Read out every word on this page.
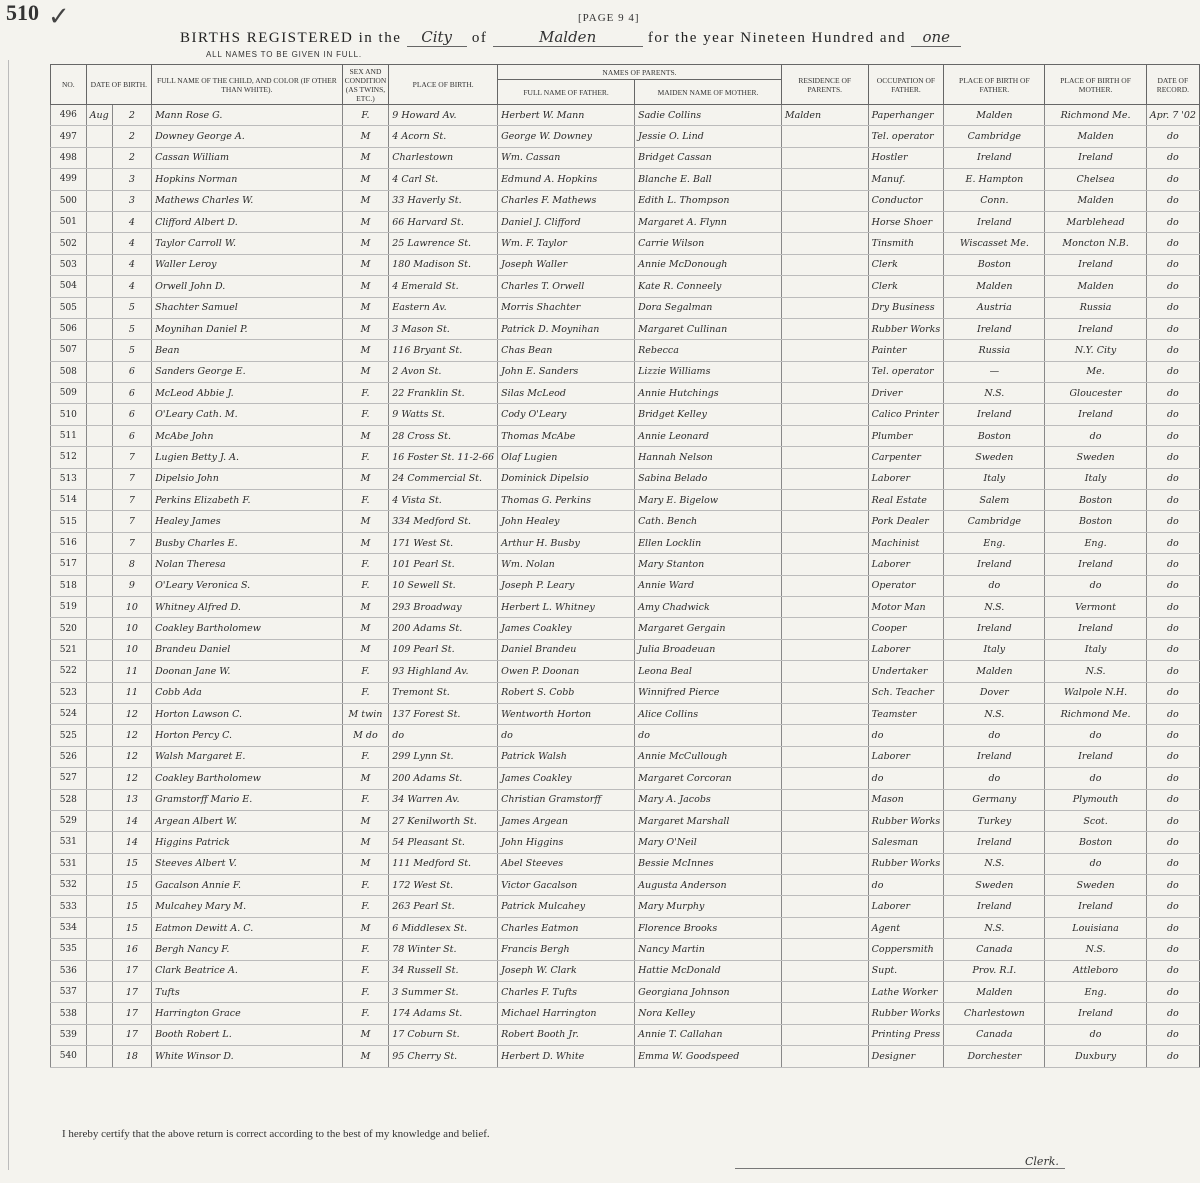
510 ✓	[PAGE 9 4]
BIRTHS REGISTERED in the City of	Malden	for the year Nineteen Hundred and one
ALL NAMES TO BE GIVEN IN FULL.
NO.	DATE OF BIRTH.		FULL NAME OF THE CHILD, AND COLOR (IF OTHER THAN WHITE).	SEX AND CONDITION (AS TWINS, ETC.)	PLACE OF BIRTH.	NAMES OF PARENTS.		RESIDENCE OF PARENTS.	OCCUPATION OF FATHER.	PLACE OF BIRTH OF FATHER.	PLACE OF BIRTH OF MOTHER.	DATE OF RECORD.
						FULL NAME OF FATHER.	MAIDEN NAME OF MOTHER.					
496	Aug	2	Mann Rose G.	F.	9 Howard Av.	Herbert W. Mann	Sadie Collins	Malden	Paperhanger	Malden	Richmond Me.	Apr. 7 '02
497		2	Downey George A.	M	4 Acorn St.	George W. Downey	Jessie O. Lind		Tel. operator	Cambridge	Malden	do
498		2	Cassan William	M	Charlestown	Wm. Cassan	Bridget Cassan		Hostler	Ireland	Ireland	do
499		3	Hopkins Norman	M	4 Carl St.	Edmund A. Hopkins	Blanche E. Ball		Manuf.	E. Hampton	Chelsea	do
500		3	Mathews Charles W.	M	33 Haverly St.	Charles F. Mathews	Edith L. Thompson		Conductor	Conn.	Malden	do
501		4	Clifford Albert D.	M	66 Harvard St.	Daniel J. Clifford	Margaret A. Flynn		Horse Shoer	Ireland	Marblehead	do
502		4	Taylor Carroll W.	M	25 Lawrence St.	Wm. F. Taylor	Carrie Wilson		Tinsmith	Wiscasset Me.	Moncton N.B.	do
503		4	Waller Leroy	M	180 Madison St.	Joseph Waller	Annie McDonough		Clerk	Boston	Ireland	do
504		4	Orwell John D.	M	4 Emerald St.	Charles T. Orwell	Kate R. Conneely		Clerk	Malden	Malden	do
505		5	Shachter Samuel	M	Eastern Av.	Morris Shachter	Dora Segalman		Dry Business	Austria	Russia	do
506		5	Moynihan Daniel P.	M	3 Mason St.	Patrick D. Moynihan	Margaret Cullinan		Rubber Works	Ireland	Ireland	do
507		5	Bean	M	116 Bryant St.	Chas Bean	Rebecca		Painter	Russia	N.Y. City	do
508		6	Sanders George E.	M	2 Avon St.	John E. Sanders	Lizzie Williams		Tel. operator	—	Me.	do
509		6	McLeod Abbie J.	F.	22 Franklin St.	Silas McLeod	Annie Hutchings		Driver	N.S.	Gloucester	do
510		6	O'Leary Cath. M.	F.	9 Watts St.	Cody O'Leary	Bridget Kelley		Calico Printer	Ireland	Ireland	do
511		6	McAbe John	M	28 Cross St.	Thomas McAbe	Annie Leonard		Plumber	Boston	do	do
512		7	Lugien Betty J. A.	F.	16 Foster St. 11-2-66	Olaf Lugien	Hannah Nelson		Carpenter	Sweden	Sweden	do
513		7	Dipelsio John	M	24 Commercial St.	Dominick Dipelsio	Sabina Belado		Laborer	Italy	Italy	do
514		7	Perkins Elizabeth F.	F.	4 Vista St.	Thomas G. Perkins	Mary E. Bigelow		Real Estate	Salem	Boston	do
515		7	Healey James	M	334 Medford St.	John Healey	Cath. Bench		Pork Dealer	Cambridge	Boston	do
516		7	Busby Charles E.	M	171 West St.	Arthur H. Busby	Ellen Locklin		Machinist	Eng.	Eng.	do
517		8	Nolan Theresa	F.	101 Pearl St.	Wm. Nolan	Mary Stanton		Laborer	Ireland	Ireland	do
518		9	O'Leary Veronica S.	F.	10 Sewell St.	Joseph P. Leary	Annie Ward		Operator	do	do	do
519		10	Whitney Alfred D.	M	293 Broadway	Herbert L. Whitney	Amy Chadwick		Motor Man	N.S.	Vermont	do
520		10	Coakley Bartholomew	M	200 Adams St.	James Coakley	Margaret Gergain		Cooper	Ireland	Ireland	do
521		10	Brandeu Daniel	M	109 Pearl St.	Daniel Brandeu	Julia Broadeuan		Laborer	Italy	Italy	do
522		11	Doonan Jane W.	F.	93 Highland Av.	Owen P. Doonan	Leona Beal		Undertaker	Malden	N.S.	do
523		11	Cobb Ada	F.	Tremont St.	Robert S. Cobb	Winnifred Pierce		Sch. Teacher	Dover	Walpole N.H.	do
524		12	Horton Lawson C.	M twin	137 Forest St.	Wentworth Horton	Alice Collins		Teamster	N.S.	Richmond Me.	do
525		12	Horton Percy C.	M do	do	do	do		do	do	do	do
526		12	Walsh Margaret E.	F.	299 Lynn St.	Patrick Walsh	Annie McCullough		Laborer	Ireland	Ireland	do
527		12	Coakley Bartholomew	M	200 Adams St.	James Coakley	Margaret Corcoran		do	do	do	do
528		13	Gramstorff Mario E.	F.	34 Warren Av.	Christian Gramstorff	Mary A. Jacobs		Mason	Germany	Plymouth	do
529		14	Argean Albert W.	M	27 Kenilworth St.	James Argean	Margaret Marshall		Rubber Works	Turkey	Scot.	do
531		14	Higgins Patrick	M	54 Pleasant St.	John Higgins	Mary O'Neil		Salesman	Ireland	Boston	do
531		15	Steeves Albert V.	M	111 Medford St.	Abel Steeves	Bessie McInnes		Rubber Works	N.S.	do	do
532		15	Gacalson Annie F.	F.	172 West St.	Victor Gacalson	Augusta Anderson		do	Sweden	Sweden	do
533		15	Mulcahey Mary M.	F.	263 Pearl St.	Patrick Mulcahey	Mary Murphy		Laborer	Ireland	Ireland	do
534		15	Eatmon Dewitt A. C.	M	6 Middlesex St.	Charles Eatmon	Florence Brooks		Agent	N.S.	Louisiana	do
535		16	Bergh Nancy F.	F.	78 Winter St.	Francis Bergh	Nancy Martin		Coppersmith	Canada	N.S.	do
536		17	Clark Beatrice A.	F.	34 Russell St.	Joseph W. Clark	Hattie McDonald		Supt.	Prov. R.I.	Attleboro	do
537		17	Tufts	F.	3 Summer St.	Charles F. Tufts	Georgiana Johnson		Lathe Worker	Malden	Eng.	do
538		17	Harrington Grace	F.	174 Adams St.	Michael Harrington	Nora Kelley		Rubber Works	Charlestown	Ireland	do
539		17	Booth Robert L.	M	17 Coburn St.	Robert Booth Jr.	Annie T. Callahan		Printing Press	Canada	do	do
540		18	White Winsor D.	M	95 Cherry St.	Herbert D. White	Emma W. Goodspeed		Designer	Dorchester	Duxbury	do
I hereby certify that the above return is correct according to the best of my knowledge and belief.
Clerk.
